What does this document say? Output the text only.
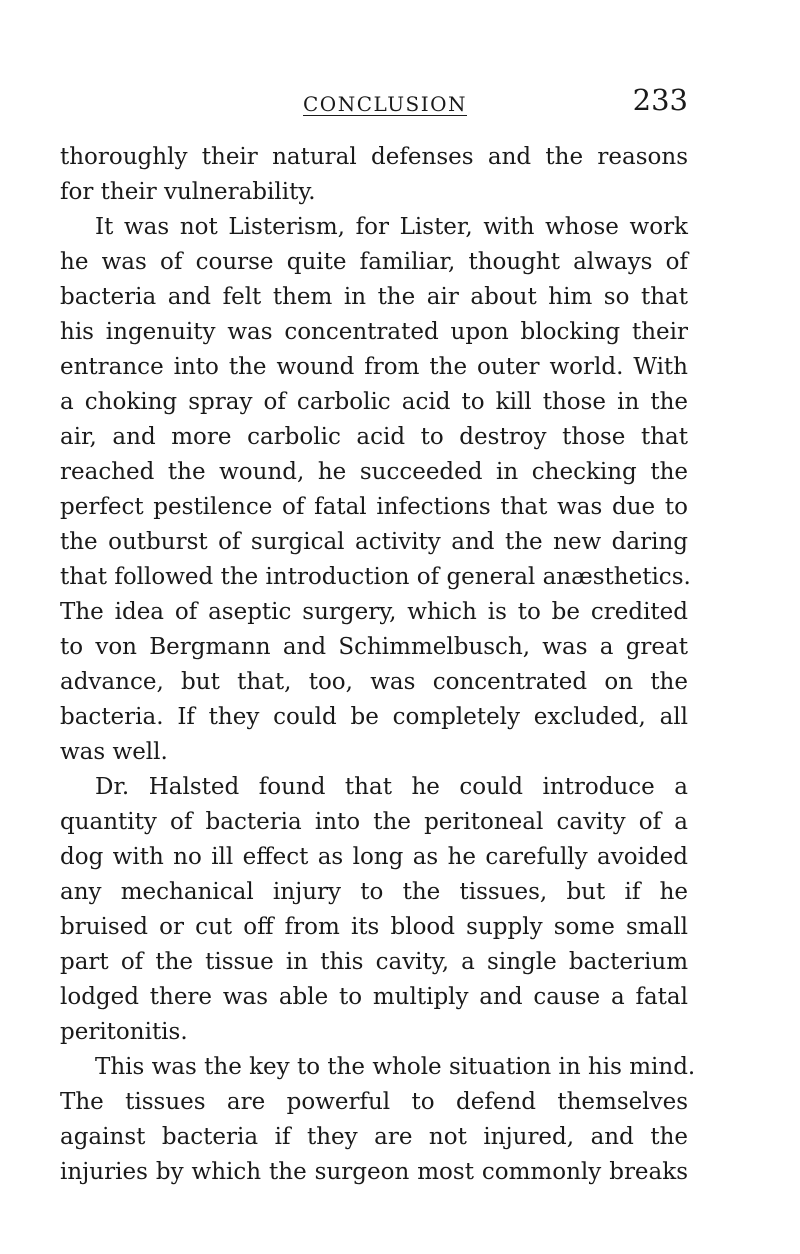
CONCLUSION	233
thoroughly their natural defenses and the reasons
for their vulnerability.
It was not Listerism, for Lister, with whose work
he was of course quite familiar, thought always of
bacteria and felt them in the air about him so that
his ingenuity was concentrated upon blocking their
entrance into the wound from the outer world. With
a choking spray of carbolic acid to kill those in the
air, and more carbolic acid to destroy those that
reached the wound, he succeeded in checking the
perfect pestilence of fatal infections that was due to
the outburst of surgical activity and the new daring
that followed the introduction of general anæsthetics.
The idea of aseptic surgery, which is to be credited
to von Bergmann and Schimmelbusch, was a great
advance, but that, too, was concentrated on the
bacteria. If they could be completely excluded, all
was well.
Dr. Halsted found that he could introduce a
quantity of bacteria into the peritoneal cavity of a
dog with no ill effect as long as he carefully avoided
any mechanical injury to the tissues, but if he
bruised or cut off from its blood supply some small
part of the tissue in this cavity, a single bacterium
lodged there was able to multiply and cause a fatal
peritonitis.
This was the key to the whole situation in his mind.
The tissues are powerful to defend themselves
against bacteria if they are not injured, and the
injuries by which the surgeon most commonly breaks
